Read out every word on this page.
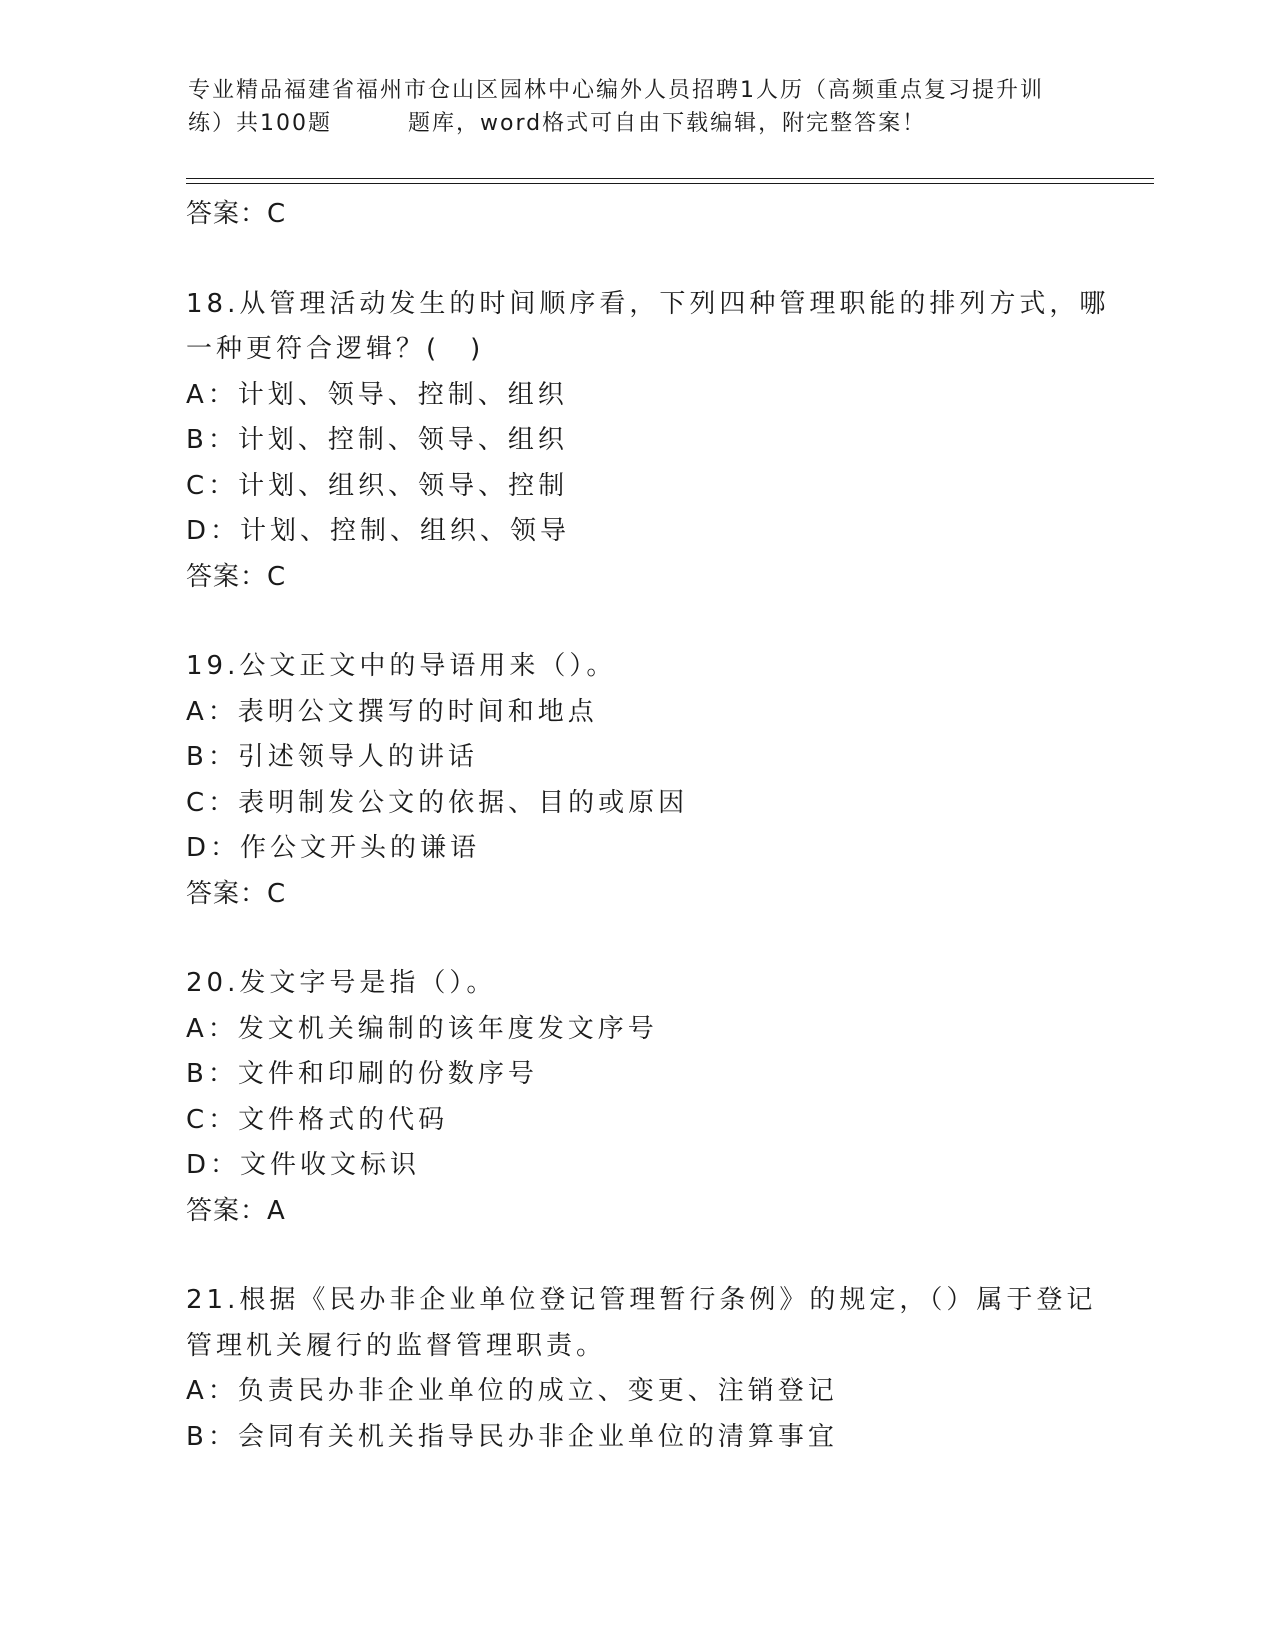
专业精品福建省福州市仓山区园林中心编外人员招聘1人历（高频重点复习提升训
练）共100题	题库，word格式可自由下载编辑，附完整答案！
答案：C
18.从管理活动发生的时间顺序看，下列四种管理职能的排列方式，哪
一种更符合逻辑？(　)
A：计划、领导、控制、组织
B：计划、控制、领导、组织
C：计划、组织、领导、控制
D：计划、控制、组织、领导
答案：C
19.公文正文中的导语用来（）。
A：表明公文撰写的时间和地点
B：引述领导人的讲话
C：表明制发公文的依据、目的或原因
D：作公文开头的谦语
答案：C
20.发文字号是指（）。
A：发文机关编制的该年度发文序号
B：文件和印刷的份数序号
C：文件格式的代码
D：文件收文标识
答案：A
21.根据《民办非企业单位登记管理暂行条例》的规定，（）属于登记
管理机关履行的监督管理职责。
A：负责民办非企业单位的成立、变更、注销登记
B：会同有关机关指导民办非企业单位的清算事宜
